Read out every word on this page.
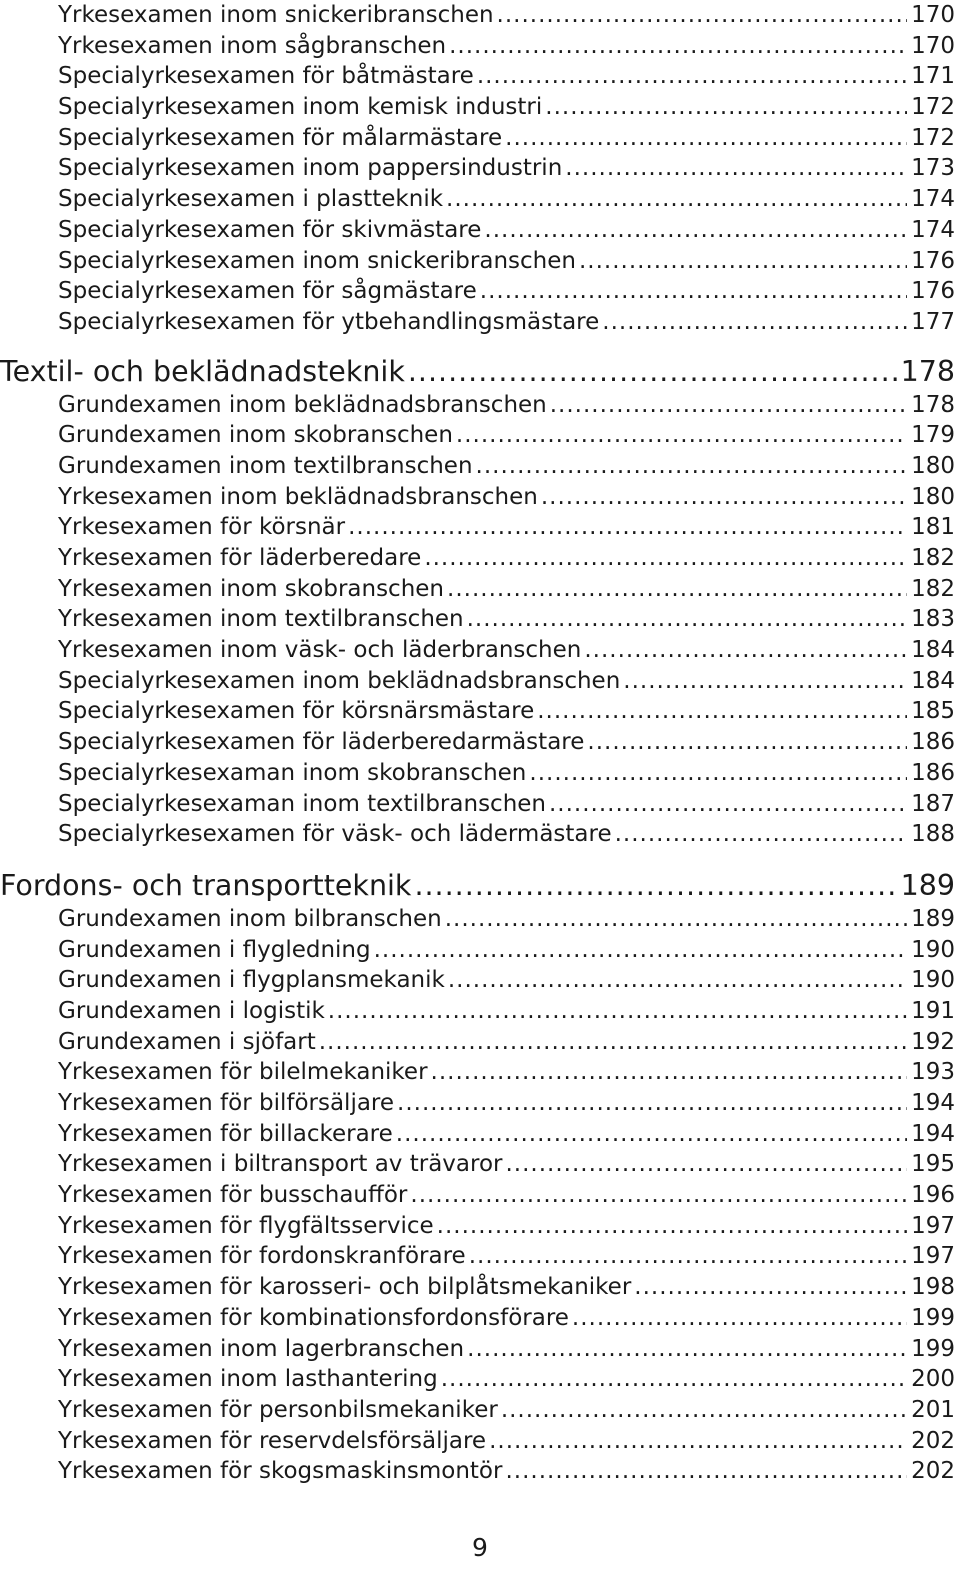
Yrkesexamen inom snickeribranschen .....	170
Yrkesexamen inom sågbranschen .....	170
Specialyrkesexamen för båtmästare .....	171
Specialyrkesexamen inom kemisk industri .....	172
Specialyrkesexamen för målarmästare .....	172
Specialyrkesexamen inom pappersindustrin .....	173
Specialyrkesexamen i plastteknik .....	174
Specialyrkesexamen för skivmästare .....	174
Specialyrkesexamen inom snickeribranschen .....	176
Specialyrkesexamen för sågmästare .....	176
Specialyrkesexamen för ytbehandlingsmästare .....	177
Textil- och beklädnadsteknik .....	178
Grundexamen inom beklädnadsbranschen .....	178
Grundexamen inom skobranschen .....	179
Grundexamen inom textilbranschen .....	180
Yrkesexamen inom beklädnadsbranschen .....	180
Yrkesexamen för körsnär .....	181
Yrkesexamen för läderberedare .....	182
Yrkesexamen inom skobranschen .....	182
Yrkesexamen inom textilbranschen .....	183
Yrkesexamen inom väsk- och läderbranschen .....	184
Specialyrkesexamen inom beklädnadsbranschen .....	184
Specialyrkesexamen för körsnärsmästare .....	185
Specialyrkesexamen för läderberedarmästare .....	186
Specialyrkesexaman inom skobranschen .....	186
Specialyrkesexaman inom textilbranschen .....	187
Specialyrkesexamen för väsk- och lädermästare .....	188
Fordons- och transportteknik .....	189
Grundexamen inom bilbranschen .....	189
Grundexamen i flygledning .....	190
Grundexamen i flygplansmekanik .....	190
Grundexamen i logistik .....	191
Grundexamen i sjöfart .....	192
Yrkesexamen för bilelmekaniker .....	193
Yrkesexamen för bilförsäljare .....	194
Yrkesexamen för billackerare .....	194
Yrkesexamen i biltransport av trävaror .....	195
Yrkesexamen för busschaufför .....	196
Yrkesexamen för flygfältsservice .....	197
Yrkesexamen för fordonskranförare .....	197
Yrkesexamen för karosseri- och bilplåtsmekaniker .....	198
Yrkesexamen för kombinationsfordonsförare .....	199
Yrkesexamen inom lagerbranschen .....	199
Yrkesexamen inom lasthantering .....	200
Yrkesexamen för personbilsmekaniker .....	201
Yrkesexamen för reservdelsförsäljare .....	202
Yrkesexamen för skogsmaskinsmontör .....	202
9
